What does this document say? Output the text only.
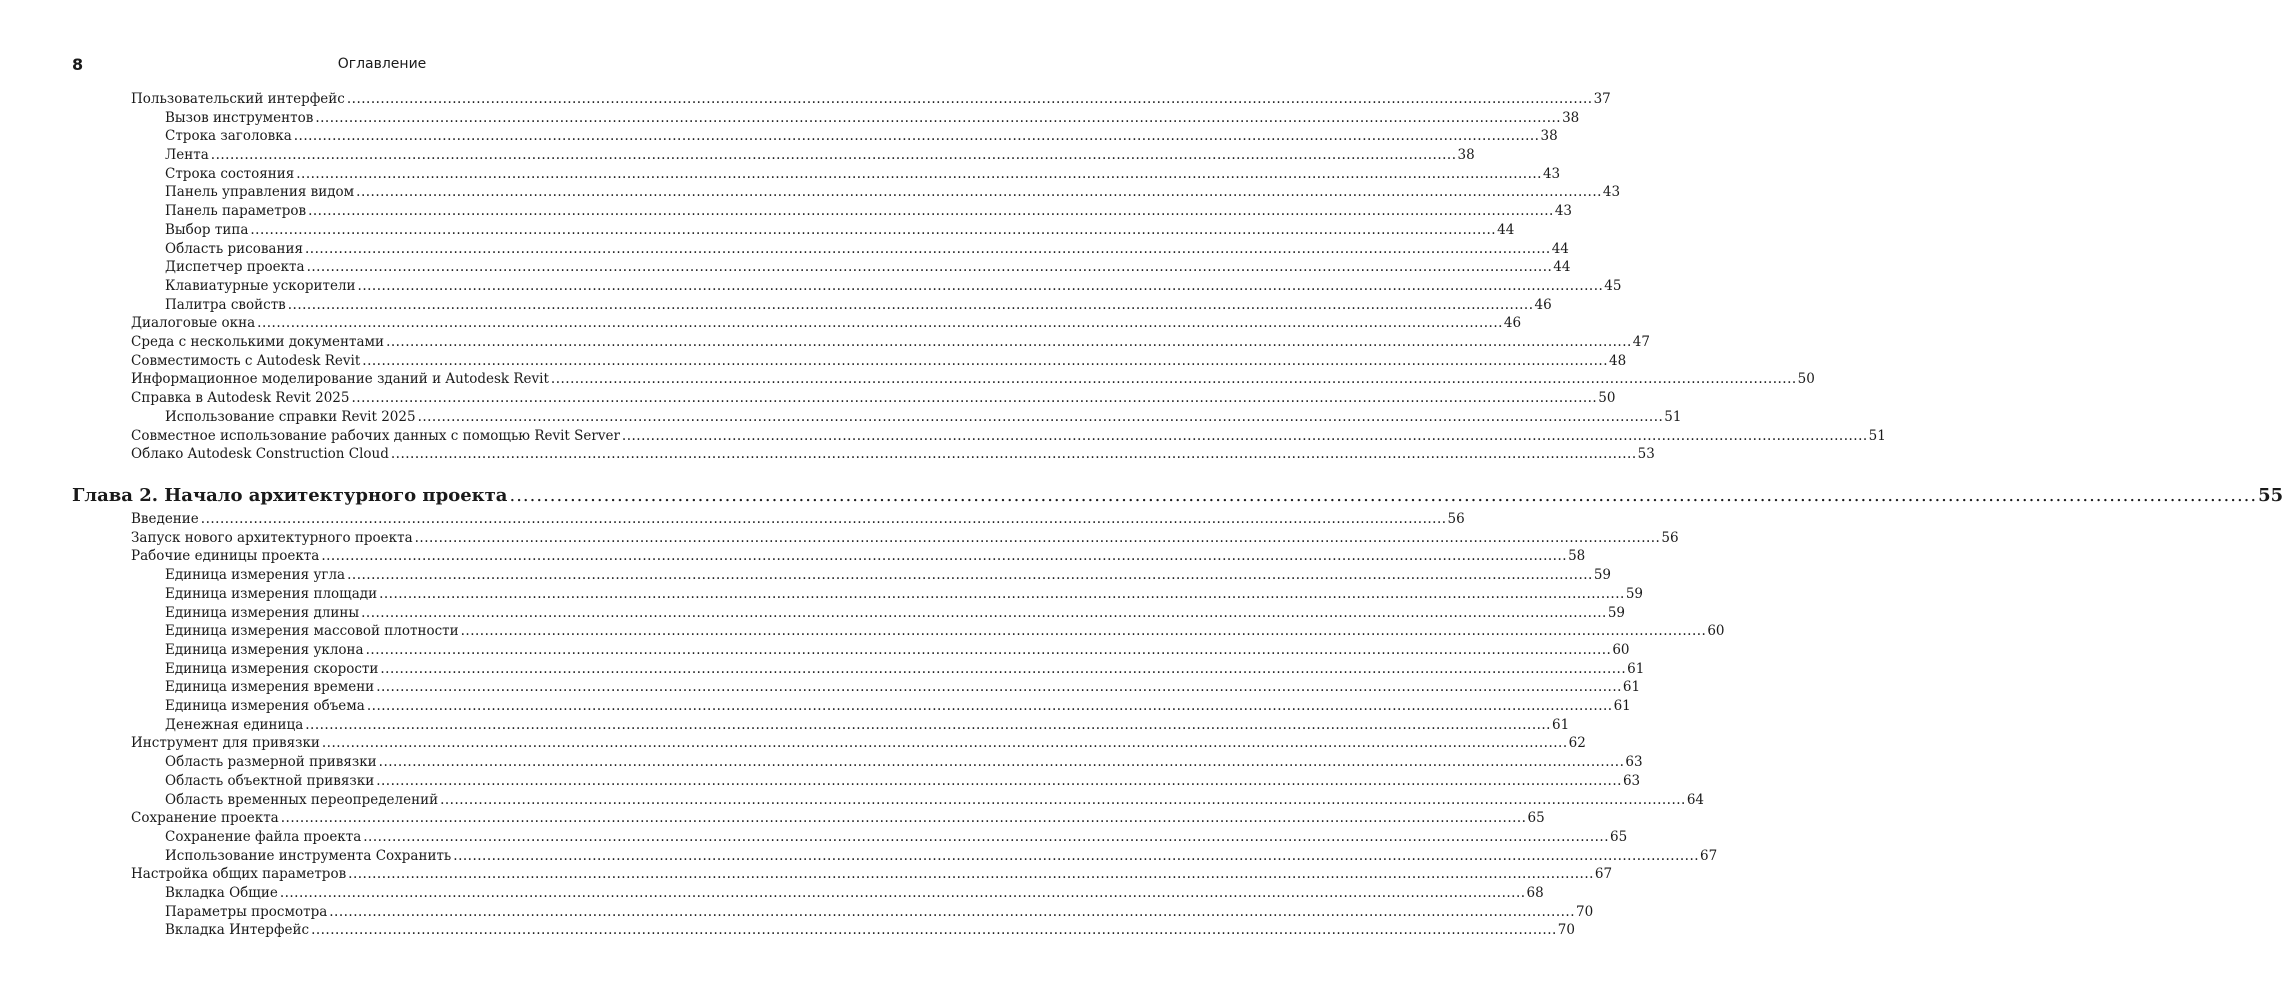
8	Оглавление
Пользовательский интерфейс .................................................................................................................................................................................................................................................................... 37
Вызов инструментов .................................................................................................................................................................................................................................................................... 38
Строка заголовка .................................................................................................................................................................................................................................................................... 38
Лента .................................................................................................................................................................................................................................................................... 38
Строка состояния .................................................................................................................................................................................................................................................................... 43
Панель управления видом .................................................................................................................................................................................................................................................................... 43
Панель параметров .................................................................................................................................................................................................................................................................... 43
Выбор типа .................................................................................................................................................................................................................................................................... 44
Область рисования .................................................................................................................................................................................................................................................................... 44
Диспетчер проекта .................................................................................................................................................................................................................................................................... 44
Клавиатурные ускорители .................................................................................................................................................................................................................................................................... 45
Палитра свойств .................................................................................................................................................................................................................................................................... 46
Диалоговые окна .................................................................................................................................................................................................................................................................... 46
Среда с несколькими документами .................................................................................................................................................................................................................................................................... 47
Совместимость с Autodesk Revit .................................................................................................................................................................................................................................................................... 48
Информационное моделирование зданий и Autodesk Revit .................................................................................................................................................................................................................................................................... 50
Справка в Autodesk Revit 2025 .................................................................................................................................................................................................................................................................... 50
Использование справки Revit 2025 .................................................................................................................................................................................................................................................................... 51
Совместное использование рабочих данных с помощью Revit Server .................................................................................................................................................................................................................................................................... 51
Облако Autodesk Construction Cloud .................................................................................................................................................................................................................................................................... 53
Глава 2. Начало архитектурного проекта .................................................................................................................................................................................................................................................................... 55
Введение .................................................................................................................................................................................................................................................................... 56
Запуск нового архитектурного проекта .................................................................................................................................................................................................................................................................... 56
Рабочие единицы проекта .................................................................................................................................................................................................................................................................... 58
Единица измерения угла .................................................................................................................................................................................................................................................................... 59
Единица измерения площади .................................................................................................................................................................................................................................................................... 59
Единица измерения длины .................................................................................................................................................................................................................................................................... 59
Единица измерения массовой плотности .................................................................................................................................................................................................................................................................... 60
Единица измерения уклона .................................................................................................................................................................................................................................................................... 60
Единица измерения скорости .................................................................................................................................................................................................................................................................... 61
Единица измерения времени .................................................................................................................................................................................................................................................................... 61
Единица измерения объема .................................................................................................................................................................................................................................................................... 61
Денежная единица .................................................................................................................................................................................................................................................................... 61
Инструмент для привязки .................................................................................................................................................................................................................................................................... 62
Область размерной привязки .................................................................................................................................................................................................................................................................... 63
Область объектной привязки .................................................................................................................................................................................................................................................................... 63
Область временных переопределений .................................................................................................................................................................................................................................................................... 64
Сохранение проекта .................................................................................................................................................................................................................................................................... 65
Сохранение файла проекта .................................................................................................................................................................................................................................................................... 65
Использование инструмента Сохранить .................................................................................................................................................................................................................................................................... 67
Настройка общих параметров .................................................................................................................................................................................................................................................................... 67
Вкладка Общие .................................................................................................................................................................................................................................................................... 68
Параметры просмотра .................................................................................................................................................................................................................................................................... 70
Вкладка Интерфейс .................................................................................................................................................................................................................................................................... 70
